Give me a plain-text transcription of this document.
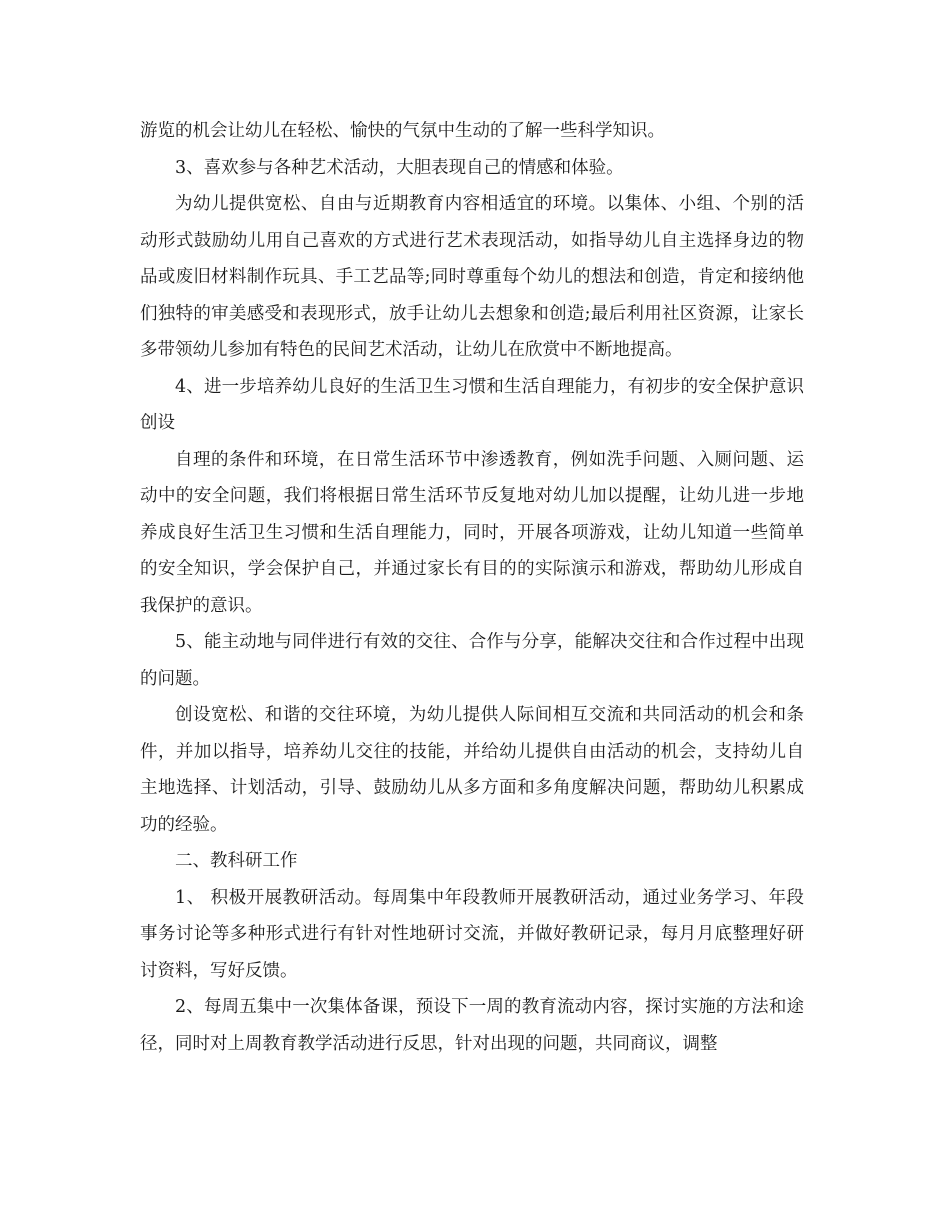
游览的机会让幼儿在轻松、愉快的气氛中生动的了解一些科学知识。

3、喜欢参与各种艺术活动，大胆表现自己的情感和体验。

为幼儿提供宽松、自由与近期教育内容相适宜的环境。以集体、小组、个别的活动形式鼓励幼儿用自己喜欢的方式进行艺术表现活动，如指导幼儿自主选择身边的物品或废旧材料制作玩具、手工艺品等;同时尊重每个幼儿的想法和创造，肯定和接纳他们独特的审美感受和表现形式，放手让幼儿去想象和创造;最后利用社区资源，让家长多带领幼儿参加有特色的民间艺术活动，让幼儿在欣赏中不断地提高。

4、进一步培养幼儿良好的生活卫生习惯和生活自理能力，有初步的安全保护意识创设

自理的条件和环境，在日常生活环节中渗透教育，例如洗手问题、入厕问题、运动中的安全问题，我们将根据日常生活环节反复地对幼儿加以提醒，让幼儿进一步地养成良好生活卫生习惯和生活自理能力，同时，开展各项游戏，让幼儿知道一些简单的安全知识，学会保护自己，并通过家长有目的的实际演示和游戏，帮助幼儿形成自我保护的意识。

5、能主动地与同伴进行有效的交往、合作与分享，能解决交往和合作过程中出现的问题。

创设宽松、和谐的交往环境，为幼儿提供人际间相互交流和共同活动的机会和条件，并加以指导，培养幼儿交往的技能，并给幼儿提供自由活动的机会，支持幼儿自主地选择、计划活动，引导、鼓励幼儿从多方面和多角度解决问题，帮助幼儿积累成功的经验。

二、教科研工作

1、 积极开展教研活动。每周集中年段教师开展教研活动，通过业务学习、年段事务讨论等多种形式进行有针对性地研讨交流，并做好教研记录，每月月底整理好研讨资料，写好反馈。

2、每周五集中一次集体备课，预设下一周的教育流动内容，探讨实施的方法和途径，同时对上周教育教学活动进行反思，针对出现的问题，共同商议，调整
